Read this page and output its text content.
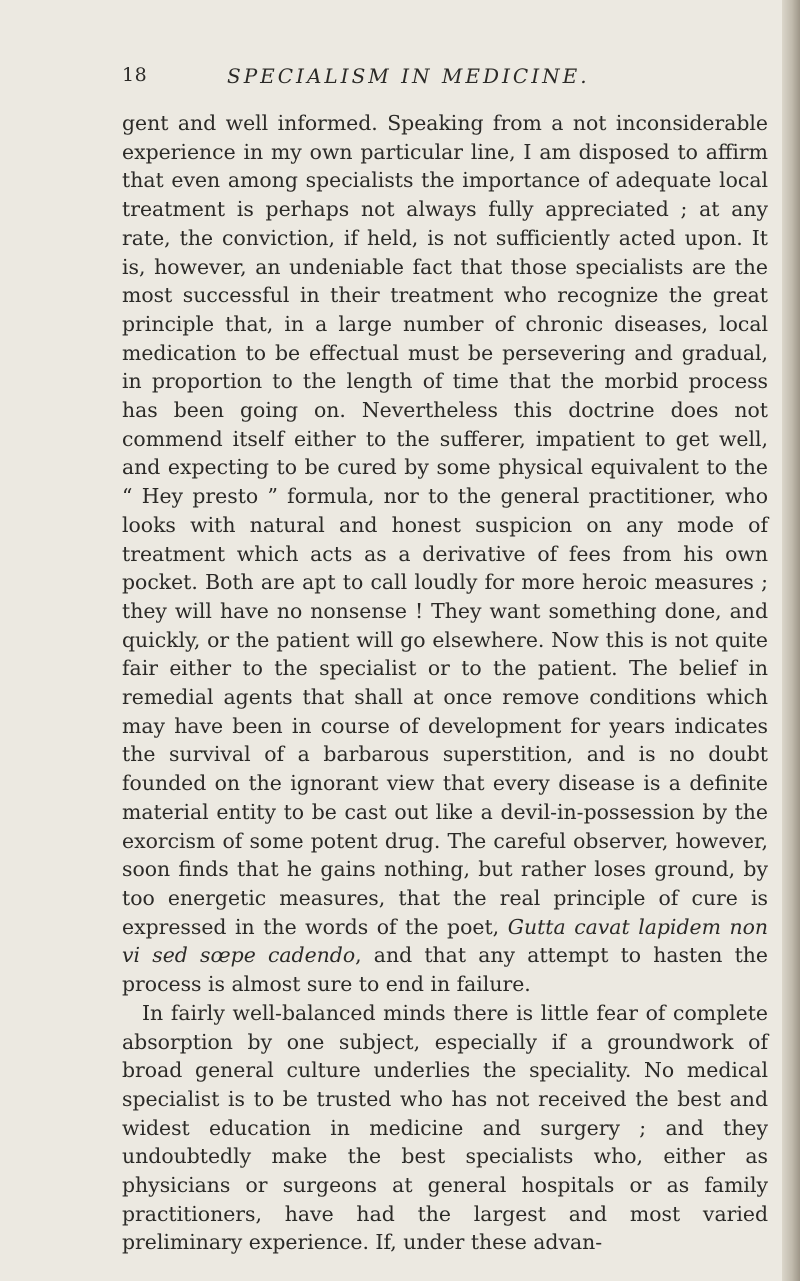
18	SPECIALISM IN MEDICINE.

gent and well informed. Speaking from a not inconsiderable experience in my own particular line, I am disposed to affirm that even among specialists the importance of adequate local treatment is perhaps not always fully appreciated ; at any rate, the conviction, if held, is not sufficiently acted upon. It is, however, an undeniable fact that those specialists are the most successful in their treatment who recognize the great principle that, in a large number of chronic diseases, local medication to be effectual must be persevering and gradual, in proportion to the length of time that the morbid process has been going on. Nevertheless this doctrine does not commend itself either to the sufferer, impatient to get well, and expecting to be cured by some physical equivalent to the “ Hey presto ” formula, nor to the general practitioner, who looks with natural and honest suspicion on any mode of treatment which acts as a derivative of fees from his own pocket. Both are apt to call loudly for more heroic measures ; they will have no nonsense ! They want something done, and quickly, or the patient will go elsewhere. Now this is not quite fair either to the specialist or to the patient. The belief in remedial agents that shall at once remove conditions which may have been in course of development for years indicates the survival of a barbarous superstition, and is no doubt founded on the ignorant view that every disease is a definite material entity to be cast out like a devil-in-possession by the exorcism of some potent drug. The careful observer, however, soon finds that he gains nothing, but rather loses ground, by too energetic measures, that the real principle of cure is expressed in the words of the poet, Gutta cavat lapidem non vi sed sœpe cadendo, and that any attempt to hasten the process is almost sure to end in failure.

In fairly well-balanced minds there is little fear of complete absorption by one subject, especially if a groundwork of broad general culture underlies the speciality. No medical specialist is to be trusted who has not received the best and widest education in medicine and surgery ; and they undoubtedly make the best specialists who, either as physicians or surgeons at general hospitals or as family practitioners, have had the largest and most varied preliminary experience. If, under these advan-
